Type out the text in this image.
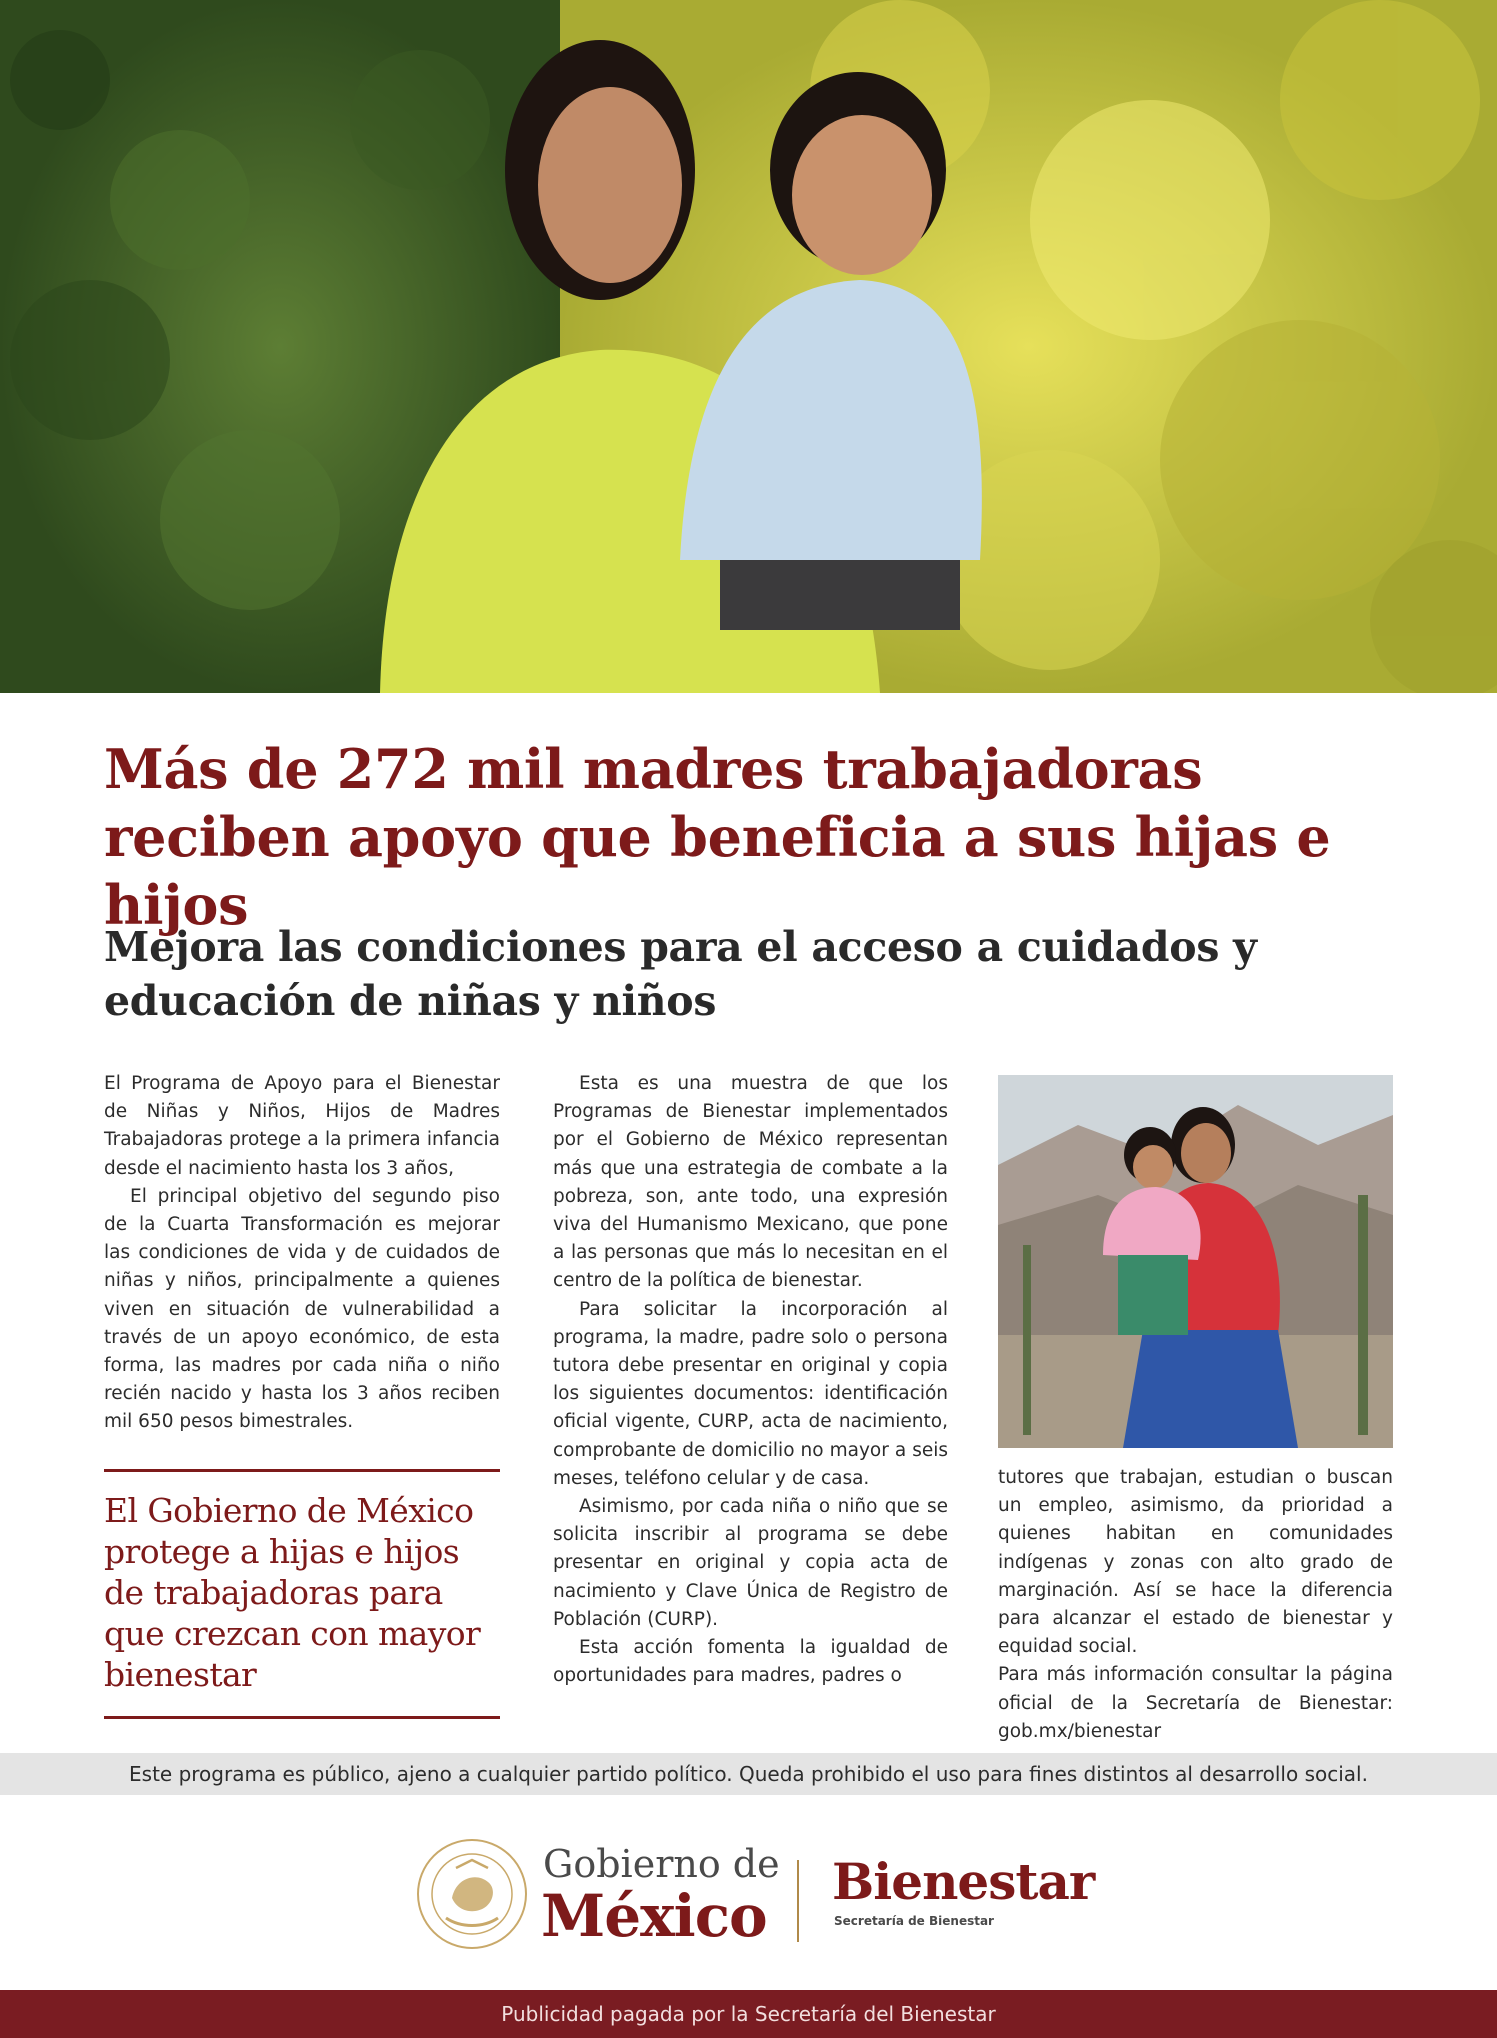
Más de 272 mil madres trabajadoras reciben apoyo que beneficia a sus hijas e hijos
Mejora las condiciones para el acceso a cuidados y educación de niñas y niños

El Programa de Apoyo para el Bienestar de Niñas y Niños, Hijos de Madres Trabajadoras protege a la primera infancia desde el nacimiento hasta los 3 años,

El principal objetivo del segundo piso de la Cuarta Transformación es mejorar las condiciones de vida y de cuidados de niñas y niños, principalmente a quienes viven en situación de vulnerabilidad a través de un apoyo económico, de esta forma, las madres por cada niña o niño recién nacido y hasta los 3 años reciben mil 650 pesos bimestrales.

El Gobierno de México protege a hijas e hijos de trabajadoras para que crezcan con mayor bienestar

Esta es una muestra de que los Programas de Bienestar implementados por el Gobierno de México representan más que una estrategia de combate a la pobreza, son, ante todo, una expresión viva del Humanismo Mexicano, que pone a las personas que más lo necesitan en el centro de la política de bienestar.

Para solicitar la incorporación al programa, la madre, padre solo o persona tutora debe presentar en original y copia los siguientes documentos: identificación oficial vigente, CURP, acta de nacimiento, comprobante de domicilio no mayor a seis meses, teléfono celular y de casa.

Asimismo, por cada niña o niño que se solicita inscribir al programa se debe presentar en original y copia acta de nacimiento y Clave Única de Registro de Población (CURP).

Esta acción fomenta la igualdad de oportunidades para madres, padres o

tutores que trabajan, estudian o buscan un empleo, asimismo, da prioridad a quienes habitan en comunidades indígenas y zonas con alto grado de marginación. Así se hace la diferencia para alcanzar el estado de bienestar y equidad social.

Para más información consultar la página oficial de la Secretaría de Bienestar: gob.mx/bienestar

Este programa es público, ajeno a cualquier partido político. Queda prohibido el uso para fines distintos al desarrollo social.
Gobierno de
México
Bienestar
Secretaría de Bienestar
Publicidad pagada por la Secretaría del Bienestar
